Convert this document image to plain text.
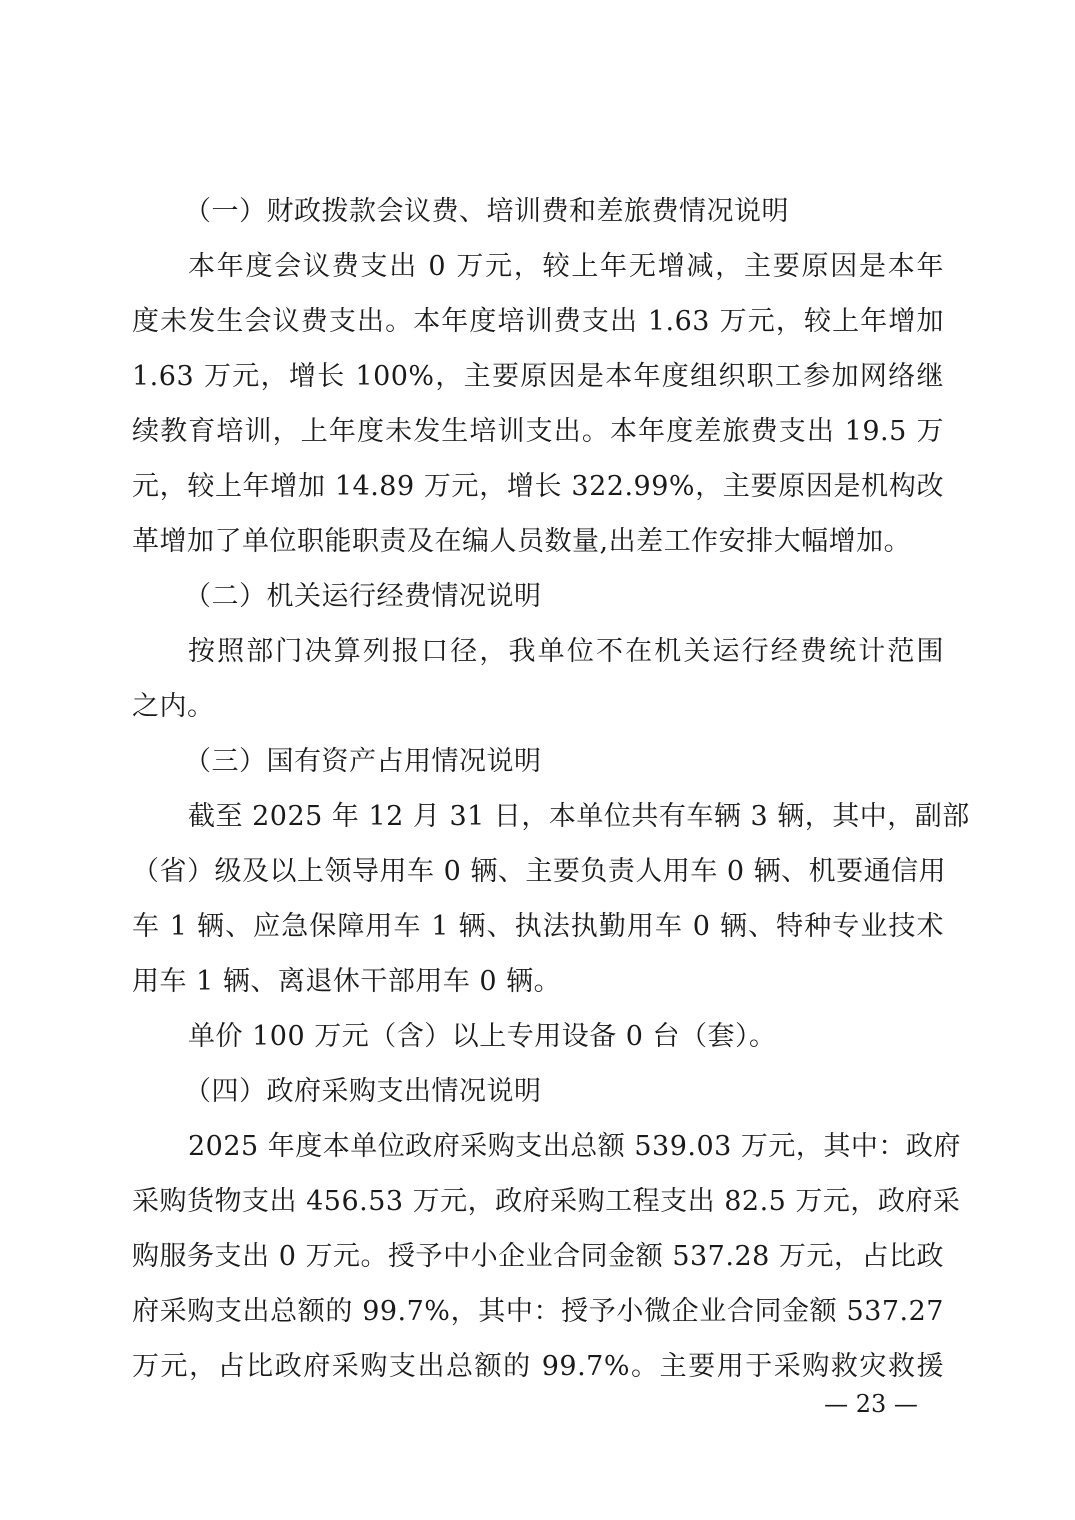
（一）财政拨款会议费、培训费和差旅费情况说明
本年度会议费支出 0 万元，较上年无增减，主要原因是本年
度未发生会议费支出。本年度培训费支出 1.63 万元，较上年增加
1.63 万元，增长 100%，主要原因是本年度组织职工参加网络继
续教育培训，上年度未发生培训支出。本年度差旅费支出 19.5 万
元，较上年增加 14.89 万元，增长 322.99%，主要原因是机构改
革增加了单位职能职责及在编人员数量,出差工作安排大幅增加。
（二）机关运行经费情况说明
按照部门决算列报口径，我单位不在机关运行经费统计范围
之内。
（三）国有资产占用情况说明
截至 2025 年 12 月 31 日，本单位共有车辆 3 辆，其中，副部
（省）级及以上领导用车 0 辆、主要负责人用车 0 辆、机要通信用
车 1 辆、应急保障用车 1 辆、执法执勤用车 0 辆、特种专业技术
用车 1 辆、离退休干部用车 0 辆。
单价 100 万元（含）以上专用设备 0 台（套）。
（四）政府采购支出情况说明
2025 年度本单位政府采购支出总额 539.03 万元，其中：政府
采购货物支出 456.53 万元，政府采购工程支出 82.5 万元，政府采
购服务支出 0 万元。授予中小企业合同金额 537.28 万元，占比政
府采购支出总额的 99.7%，其中：授予小微企业合同金额 537.27
万元，占比政府采购支出总额的 99.7%。主要用于采购救灾救援
— 23 —
